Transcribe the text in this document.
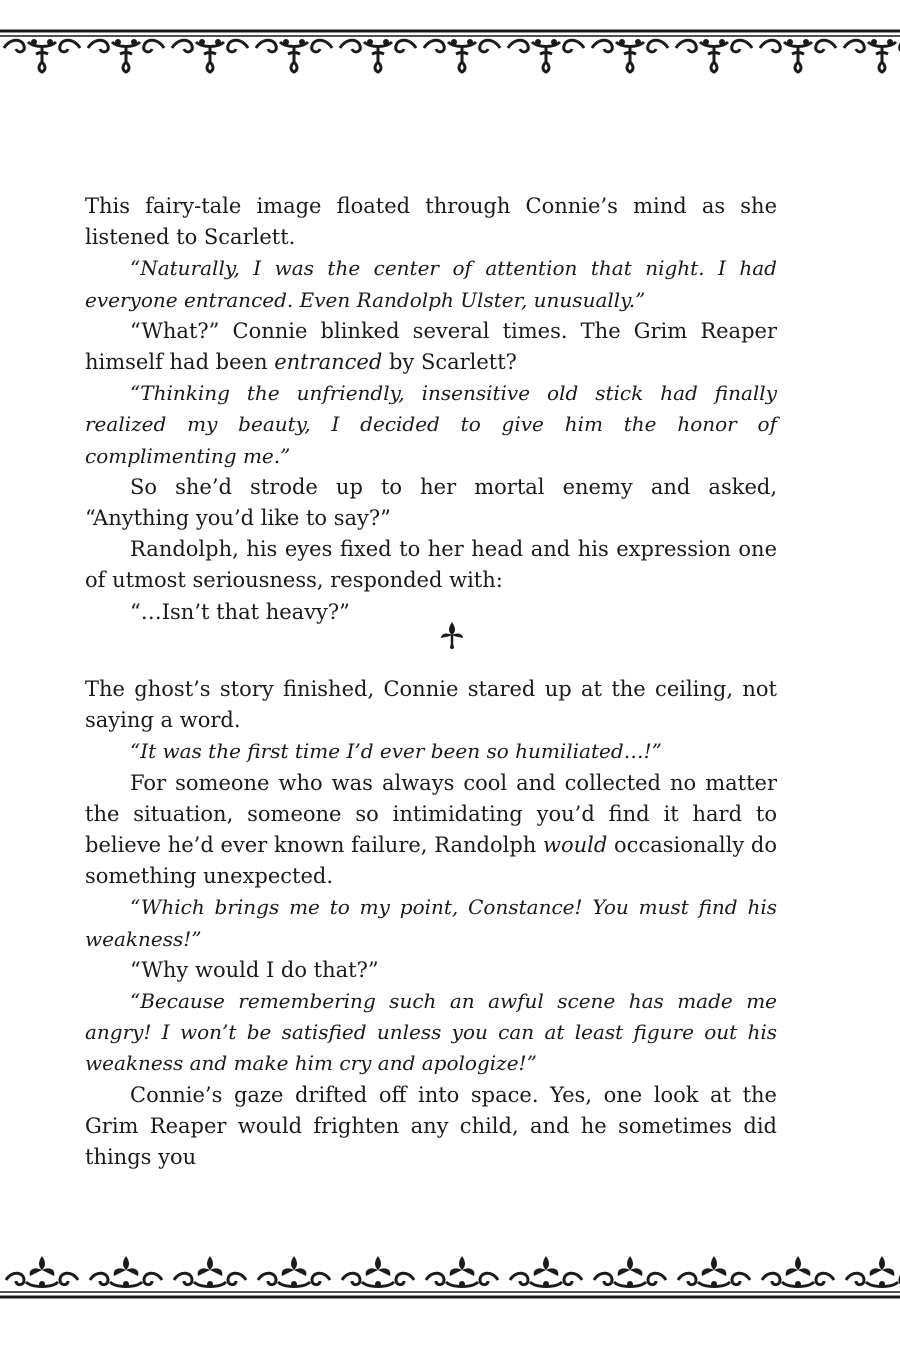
This fairy-tale image floated through Connie’s mind as she listened to Scarlett.

“Naturally, I was the center of attention that night. I had everyone entranced. Even Randolph Ulster, unusually.”

“What?” Connie blinked several times. The Grim Reaper himself had been entranced by Scarlett?

“Thinking the unfriendly, insensitive old stick had finally realized my beauty, I decided to give him the honor of complimenting me.”

So she’d strode up to her mortal enemy and asked, “Anything you’d like to say?”

Randolph, his eyes fixed to her head and his expression one of utmost seriousness, responded with:

“…Isn’t that heavy?”

The ghost’s story finished, Connie stared up at the ceiling, not saying a word.

“It was the first time I’d ever been so humiliated…!”

For someone who was always cool and collected no matter the situation, someone so intimidating you’d find it hard to believe he’d ever known failure, Randolph would occasionally do something unexpected.

“Which brings me to my point, Constance! You must find his weakness!”

“Why would I do that?”

“Because remembering such an awful scene has made me angry! I won’t be satisfied unless you can at least figure out his weakness and make him cry and apologize!”

Connie’s gaze drifted off into space. Yes, one look at the Grim Reaper would frighten any child, and he sometimes did things you
